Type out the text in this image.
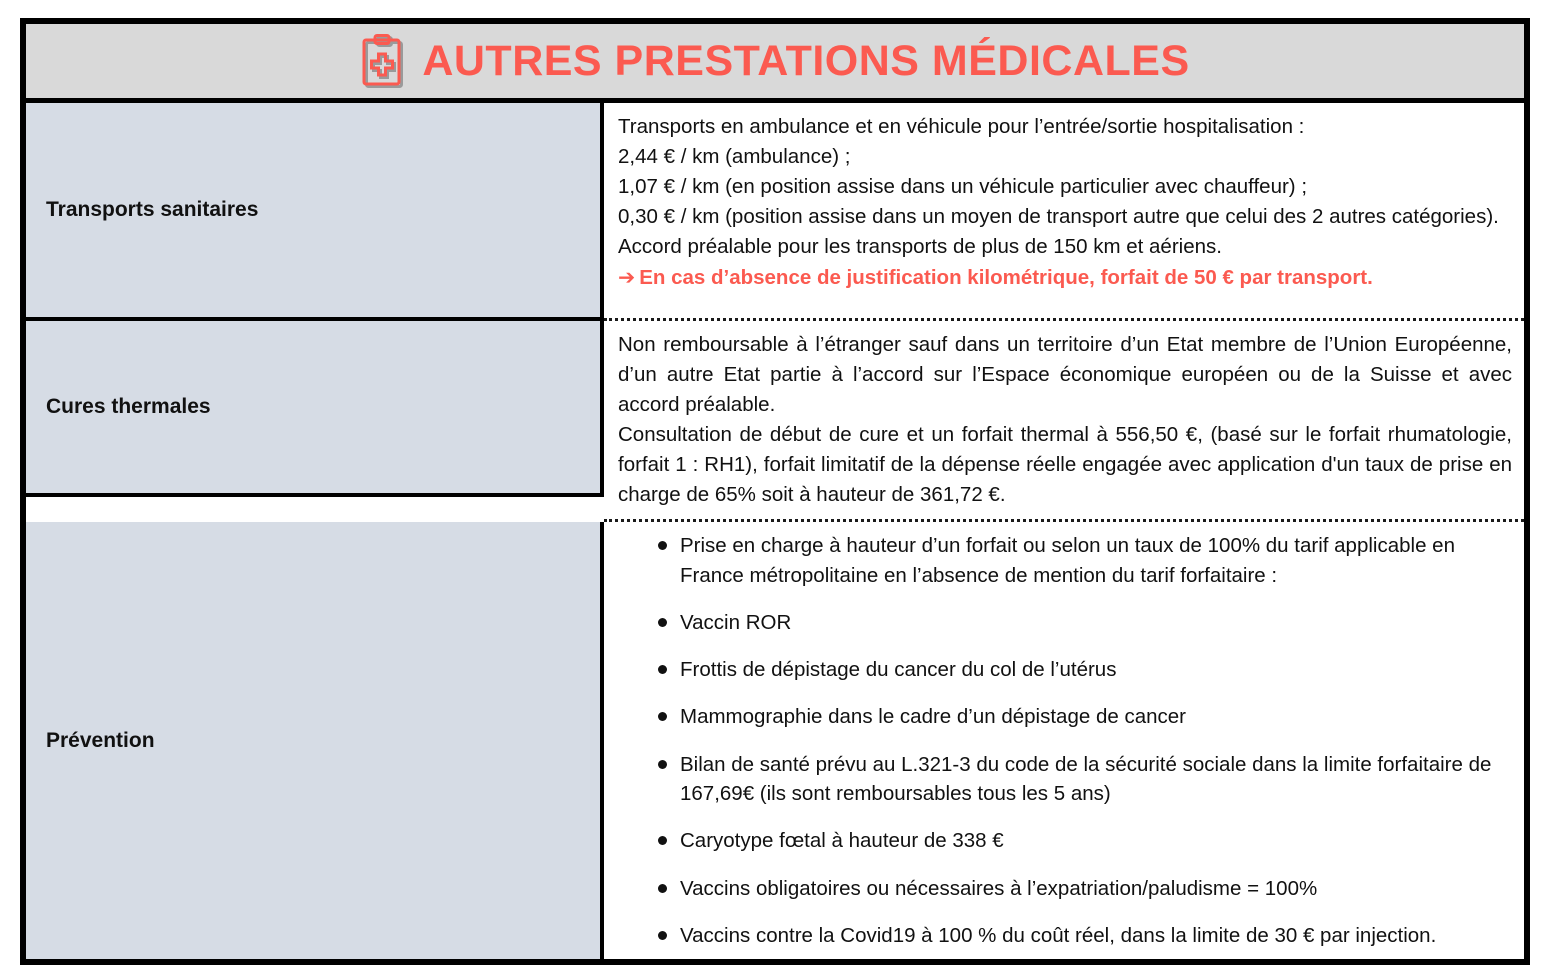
AUTRES PRESTATIONS MÉDICALES
Transports sanitaires

Transports en ambulance et en véhicule pour l’entrée/sortie hospitalisation :

2,44 € / km (ambulance) ;

1,07 € / km (en position assise dans un véhicule particulier avec chauffeur) ;

0,30 € / km (position assise dans un moyen de transport autre que celui des 2 autres catégories).

Accord préalable pour les transports de plus de 150 km et aériens.

➔ En cas d’absence de justification kilométrique, forfait de 50 € par transport.

Cures thermales

Non remboursable à l’étranger sauf dans un territoire d’un Etat membre de l’Union Européenne, d’un autre Etat partie à l’accord sur l’Espace économique européen ou de la Suisse et avec accord préalable.

Consultation de début de cure et un forfait thermal à 556,50 €, (basé sur le forfait rhumatologie, forfait 1 : RH1), forfait limitatif de la dépense réelle engagée avec application d'un taux de prise en charge de 65% soit à hauteur de 361,72 €.

Prévention
Prise en charge à hauteur d’un forfait ou selon un taux de 100% du tarif applicable en France métropolitaine en l’absence de mention du tarif forfaitaire :
Vaccin ROR
Frottis de dépistage du cancer du col de l’utérus
Mammographie dans le cadre d’un dépistage de cancer
Bilan de santé prévu au L.321-3 du code de la sécurité sociale dans la limite forfaitaire de 167,69€ (ils sont remboursables tous les 5 ans)
Caryotype fœtal à hauteur de 338 €
Vaccins obligatoires ou nécessaires à l’expatriation/paludisme = 100%
Vaccins contre la Covid19 à 100 % du coût réel, dans la limite de 30 € par injection.
